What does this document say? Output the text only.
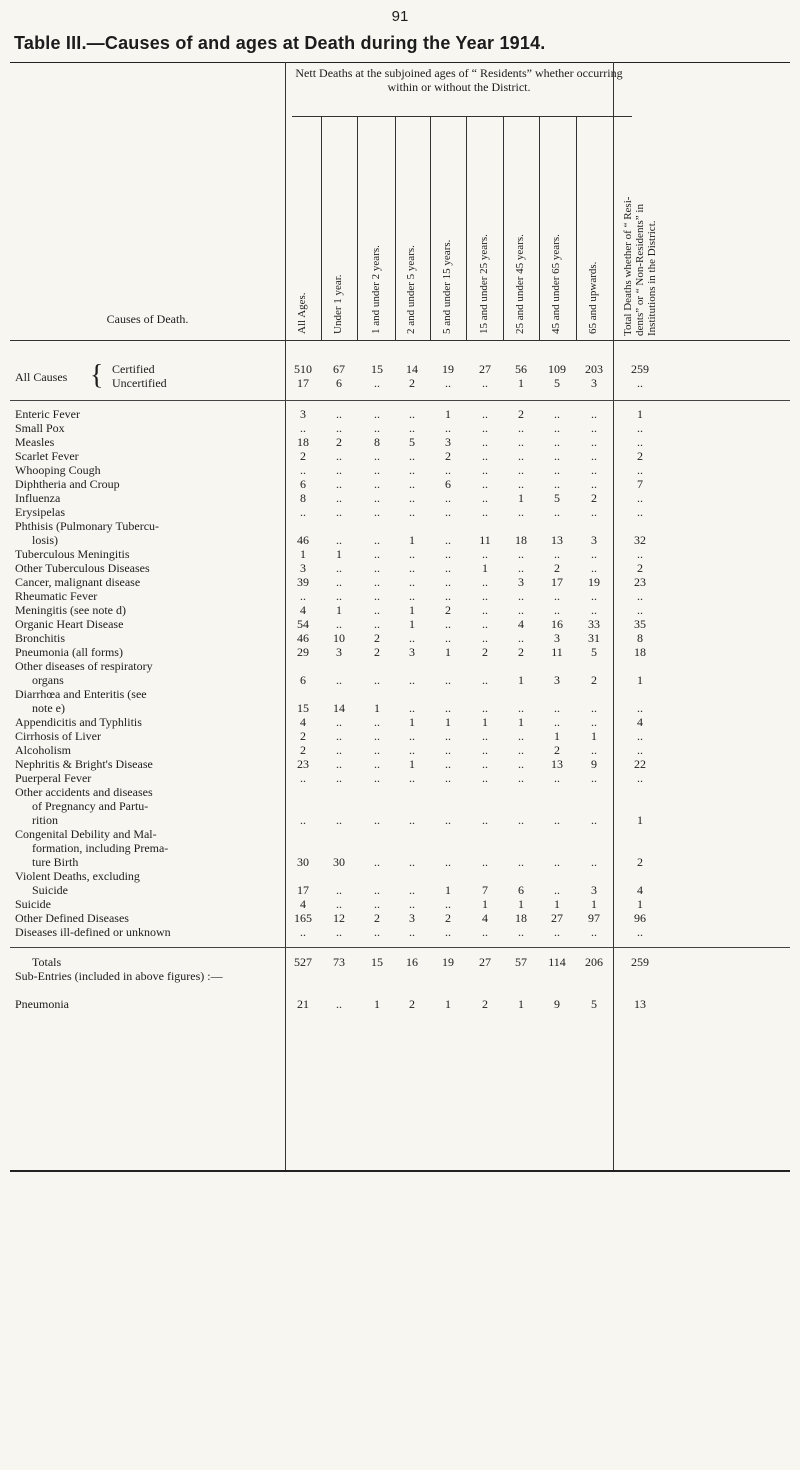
91
Table III.—Causes of and ages at Death during the Year 1914.
Nett Deaths at the subjoined ages of “ Residents” whether occurring within or without the District.
Causes of Death.	All Ages. Under 1 year. 1 and under 2 years. 2 and under 5 years. 5 and under 15 years. 15 and under 25 years. 25 and under 45 years. 45 and under 65 years. 65 and upwards. Total Deaths whether of “ Resi- dents” or “ Non-Residents” in Institutions in the District.
All Causes { Certified	510	67	15	14	19	27	56	109	203	259
Uncertified	17	6	..	2	..	..	1	5	3	..
Enteric Fever	3	..	..	..	1	..	2	..	..	1
Small Pox	..	..	..	..	..	..	..	..	..	..
Measles	18	2	8	5	3	..	..	..	..	..
Scarlet Fever	2	..	..	..	2	..	..	..	..	2
Whooping Cough	..	..	..	..	..	..	..	..	..	..
Diphtheria and Croup	6	..	..	..	6	..	..	..	..	7
Influenza	8	..	..	..	..	..	1	5	2	..
Erysipelas	..	..	..	..	..	..	..	..	..	..
Phthisis (Pulmonary Tubercu-
losis)	46	..	..	1	..	11	18	13	3	32
Tuberculous Meningitis	1	1	..	..	..	..	..	..	..	..
Other Tuberculous Diseases	3	..	..	..	..	1	..	2	..	2
Cancer, malignant disease	39	..	..	..	..	..	3	17	19	23
Rheumatic Fever	..	..	..	..	..	..	..	..	..	..
Meningitis (see note d)	4	1	..	1	2	..	..	..	..	..
Organic Heart Disease	54	..	..	1	..	..	4	16	33	35
Bronchitis	46	10	2	..	..	..	..	3	31	8
Pneumonia (all forms)	29	3	2	3	1	2	2	11	5	18
Other diseases of respiratory
organs	6	..	..	..	..	..	1	3	2	1
Diarrhœa and Enteritis (see
note e)	15	14	1	..	..	..	..	..	..	..
Appendicitis and Typhlitis	4	..	..	1	1	1	1	..	..	4
Cirrhosis of Liver	2	..	..	..	..	..	..	1	1	..
Alcoholism	2	..	..	..	..	..	..	2	..	..
Nephritis & Bright's Disease	23	..	..	1	..	..	..	13	9	22
Puerperal Fever	..	..	..	..	..	..	..	..	..	..
Other accidents and diseases
of Pregnancy and Partu-
rition	..	..	..	..	..	..	..	..	..	1
Congenital Debility and Mal-
formation, including Prema-
ture Birth	30	30	..	..	..	..	..	..	..	2
Violent Deaths, excluding
Suicide	17	..	..	..	1	7	6	..	3	4
Suicide	4	..	..	..	..	1	1	1	1	1
Other Defined Diseases	165	12	2	3	2	4	18	27	97	96
Diseases ill-defined or unknown	..	..	..	..	..	..	..	..	..	..
Totals	527	73	15	16	19	27	57	114	206	259
Sub-Entries (included in above figures) :—
Pneumonia	21	..	1	2	1	2	1	9	5	13
